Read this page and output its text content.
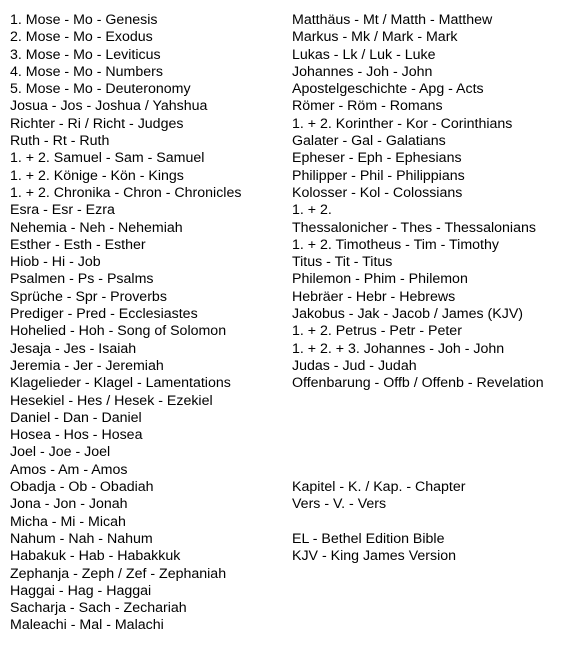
1. Mose - Mo - Genesis
2. Mose - Mo - Exodus
3. Mose - Mo - Leviticus
4. Mose - Mo - Numbers
5. Mose - Mo - Deuteronomy
Josua - Jos - Joshua / Yahshua
Richter - Ri / Richt - Judges
Ruth - Rt - Ruth
1. + 2. Samuel - Sam - Samuel
1. + 2. Könige - Kön - Kings
1. + 2. Chronika - Chron - Chronicles
Esra - Esr - Ezra
Nehemia - Neh - Nehemiah
Esther - Esth - Esther
Hiob - Hi - Job
Psalmen - Ps - Psalms
Sprüche - Spr - Proverbs
Prediger - Pred - Ecclesiastes
Hohelied - Hoh - Song of Solomon
Jesaja - Jes - Isaiah
Jeremia - Jer - Jeremiah
Klagelieder - Klagel - Lamentations
Hesekiel - Hes / Hesek - Ezekiel
Daniel - Dan - Daniel
Hosea - Hos - Hosea
Joel - Joe - Joel
Amos - Am - Amos
Obadja - Ob - Obadiah
Jona - Jon - Jonah
Micha - Mi - Micah
Nahum - Nah - Nahum
Habakuk - Hab - Habakkuk
Zephanja - Zeph / Zef - Zephaniah
Haggai - Hag - Haggai
Sacharja - Sach - Zechariah
Maleachi - Mal - Malachi
Matthäus - Mt / Matth - Matthew
Markus - Mk / Mark - Mark
Lukas - Lk / Luk - Luke
Johannes - Joh - John
Apostelgeschichte - Apg - Acts
Römer - Röm - Romans
1. + 2. Korinther - Kor - Corinthians
Galater - Gal - Galatians
Epheser - Eph - Ephesians
Philipper - Phil - Philippians
Kolosser - Kol - Colossians
1. + 2.
Thessalonicher - Thes - Thessalonians
1. + 2. Timotheus - Tim - Timothy
Titus - Tit - Titus
Philemon - Phim - Philemon
Hebräer - Hebr - Hebrews
Jakobus - Jak - Jacob / James (KJV)
1. + 2. Petrus - Petr - Peter
1. + 2. + 3. Johannes - Joh - John
Judas - Jud - Judah
Offenbarung - Offb / Offenb - Revelation
Kapitel - K. / Kap. - Chapter
Vers - V. - Vers
EL - Bethel Edition Bible
KJV - King James Version
